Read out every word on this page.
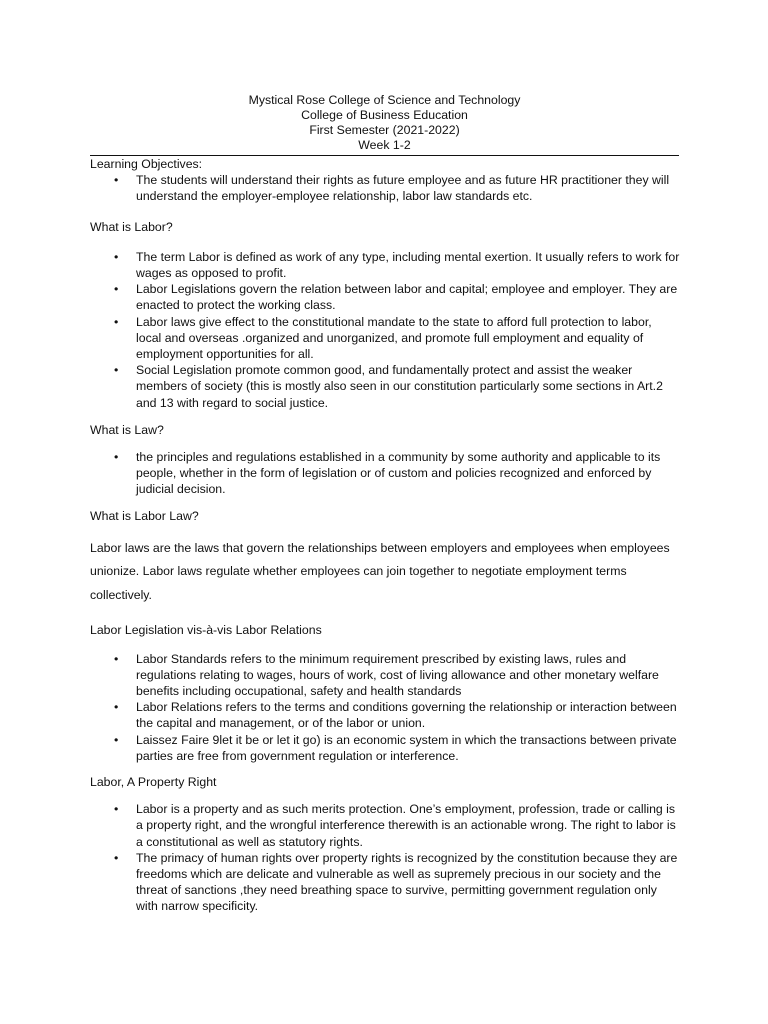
Mystical Rose College of Science and Technology
College of Business Education
First Semester (2021-2022)
Week 1-2
Learning Objectives:
• The students will understand their rights as future employee and as future HR practitioner they will understand the employer-employee relationship, labor law standards etc.
What is Labor?
• The term Labor is defined as work of any type, including mental exertion. It usually refers to work for wages as opposed to profit.
• Labor Legislations govern the relation between labor and capital; employee and employer. They are enacted to protect the working class.
• Labor laws give effect to the constitutional mandate to the state to afford full protection to labor, local and overseas .organized and unorganized, and promote full employment and equality of employment opportunities for all.
• Social Legislation promote common good, and fundamentally protect and assist the weaker members of society (this is mostly also seen in our constitution particularly some sections in Art.2 and 13 with regard to social justice.
What is Law?
• the principles and regulations established in a community by some authority and applicable to its people, whether in the form of legislation or of custom and policies recognized and enforced by judicial decision.
What is Labor Law?
Labor laws are the laws that govern the relationships between employers and employees when employees unionize. Labor laws regulate whether employees can join together to negotiate employment terms collectively.
Labor Legislation vis-à-vis Labor Relations
• Labor Standards refers to the minimum requirement prescribed by existing laws, rules and regulations relating to wages, hours of work, cost of living allowance and other monetary welfare benefits including occupational, safety and health standards
• Labor Relations refers to the terms and conditions governing the relationship or interaction between the capital and management, or of the labor or union.
• Laissez Faire 9let it be or let it go) is an economic system in which the transactions between private parties are free from government regulation or interference.
Labor, A Property Right
• Labor is a property and as such merits protection. One’s employment, profession, trade or calling is a property right, and the wrongful interference therewith is an actionable wrong. The right to labor is a constitutional as well as statutory rights.
• The primacy of human rights over property rights is recognized by the constitution because they are freedoms which are delicate and vulnerable as well as supremely precious in our society and the threat of sanctions ,they need breathing space to survive, permitting government regulation only with narrow specificity.
